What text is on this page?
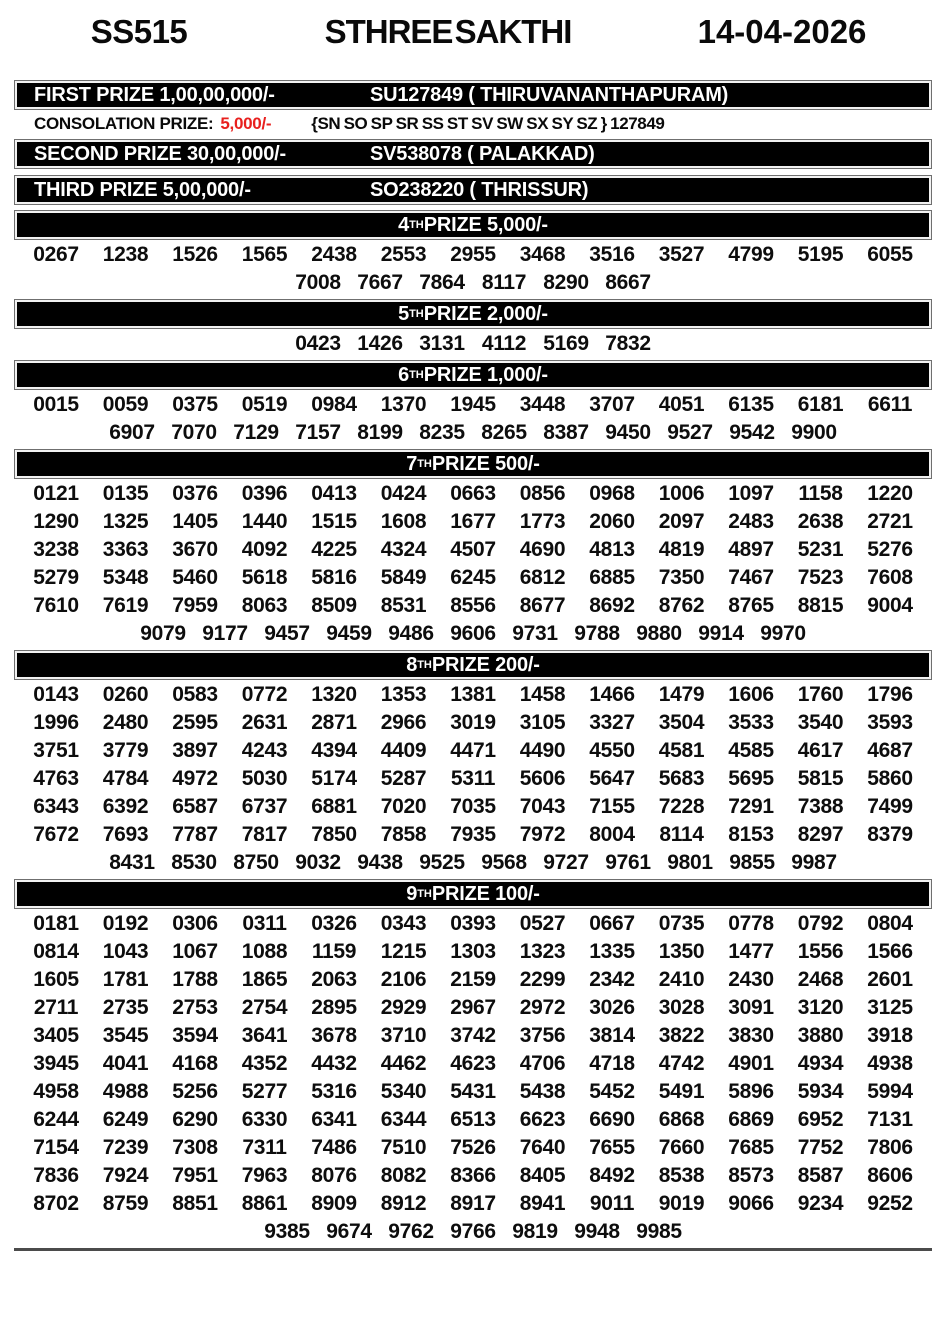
SS515	STHREE SAKTHI	14-04-2026
FIRST PRIZE 1,00,00,000/-	SU127849 ( THIRUVANANTHAPURAM)
CONSOLATION PRIZE: 5,000/- {SN SO SP SR SS ST SV SW SX SY SZ } 127849
SECOND PRIZE 30,00,000/-	SV538078 ( PALAKKAD)
THIRD PRIZE 5,00,000/-	SO238220 ( THRISSUR)
4 TH PRIZE 5,000/-
0267	1238	1526	1565	2438	2553	2955	3468	3516	3527	4799	5195	6055
7008 7667 7864 8117 8290 8667
5 TH PRIZE 2,000/-
0423 1426 3131 4112 5169 7832
6 TH PRIZE 1,000/-
0015	0059	0375	0519	0984	1370	1945	3448	3707	4051	6135	6181	6611
6907 7070 7129 7157 8199 8235 8265 8387 9450 9527 9542 9900
7 TH PRIZE 500/-
0121	0135	0376	0396	0413	0424	0663	0856	0968	1006	1097	1158	1220
1290	1325	1405	1440	1515	1608	1677	1773	2060	2097	2483	2638	2721
3238	3363	3670	4092	4225	4324	4507	4690	4813	4819	4897	5231	5276
5279	5348	5460	5618	5816	5849	6245	6812	6885	7350	7467	7523	7608
7610	7619	7959	8063	8509	8531	8556	8677	8692	8762	8765	8815	9004
9079 9177 9457 9459 9486 9606 9731 9788 9880 9914 9970
8 TH PRIZE 200/-
0143	0260	0583	0772	1320	1353	1381	1458	1466	1479	1606	1760	1796
1996	2480	2595	2631	2871	2966	3019	3105	3327	3504	3533	3540	3593
3751	3779	3897	4243	4394	4409	4471	4490	4550	4581	4585	4617	4687
4763	4784	4972	5030	5174	5287	5311	5606	5647	5683	5695	5815	5860
6343	6392	6587	6737	6881	7020	7035	7043	7155	7228	7291	7388	7499
7672	7693	7787	7817	7850	7858	7935	7972	8004	8114	8153	8297	8379
8431 8530 8750 9032 9438 9525 9568 9727 9761 9801 9855 9987
9 TH PRIZE 100/-
0181	0192	0306	0311	0326	0343	0393	0527	0667	0735	0778	0792	0804
0814	1043	1067	1088	1159	1215	1303	1323	1335	1350	1477	1556	1566
1605	1781	1788	1865	2063	2106	2159	2299	2342	2410	2430	2468	2601
2711	2735	2753	2754	2895	2929	2967	2972	3026	3028	3091	3120	3125
3405	3545	3594	3641	3678	3710	3742	3756	3814	3822	3830	3880	3918
3945	4041	4168	4352	4432	4462	4623	4706	4718	4742	4901	4934	4938
4958	4988	5256	5277	5316	5340	5431	5438	5452	5491	5896	5934	5994
6244	6249	6290	6330	6341	6344	6513	6623	6690	6868	6869	6952	7131
7154	7239	7308	7311	7486	7510	7526	7640	7655	7660	7685	7752	7806
7836	7924	7951	7963	8076	8082	8366	8405	8492	8538	8573	8587	8606
8702	8759	8851	8861	8909	8912	8917	8941	9011	9019	9066	9234	9252
9385 9674 9762 9766 9819 9948 9985
